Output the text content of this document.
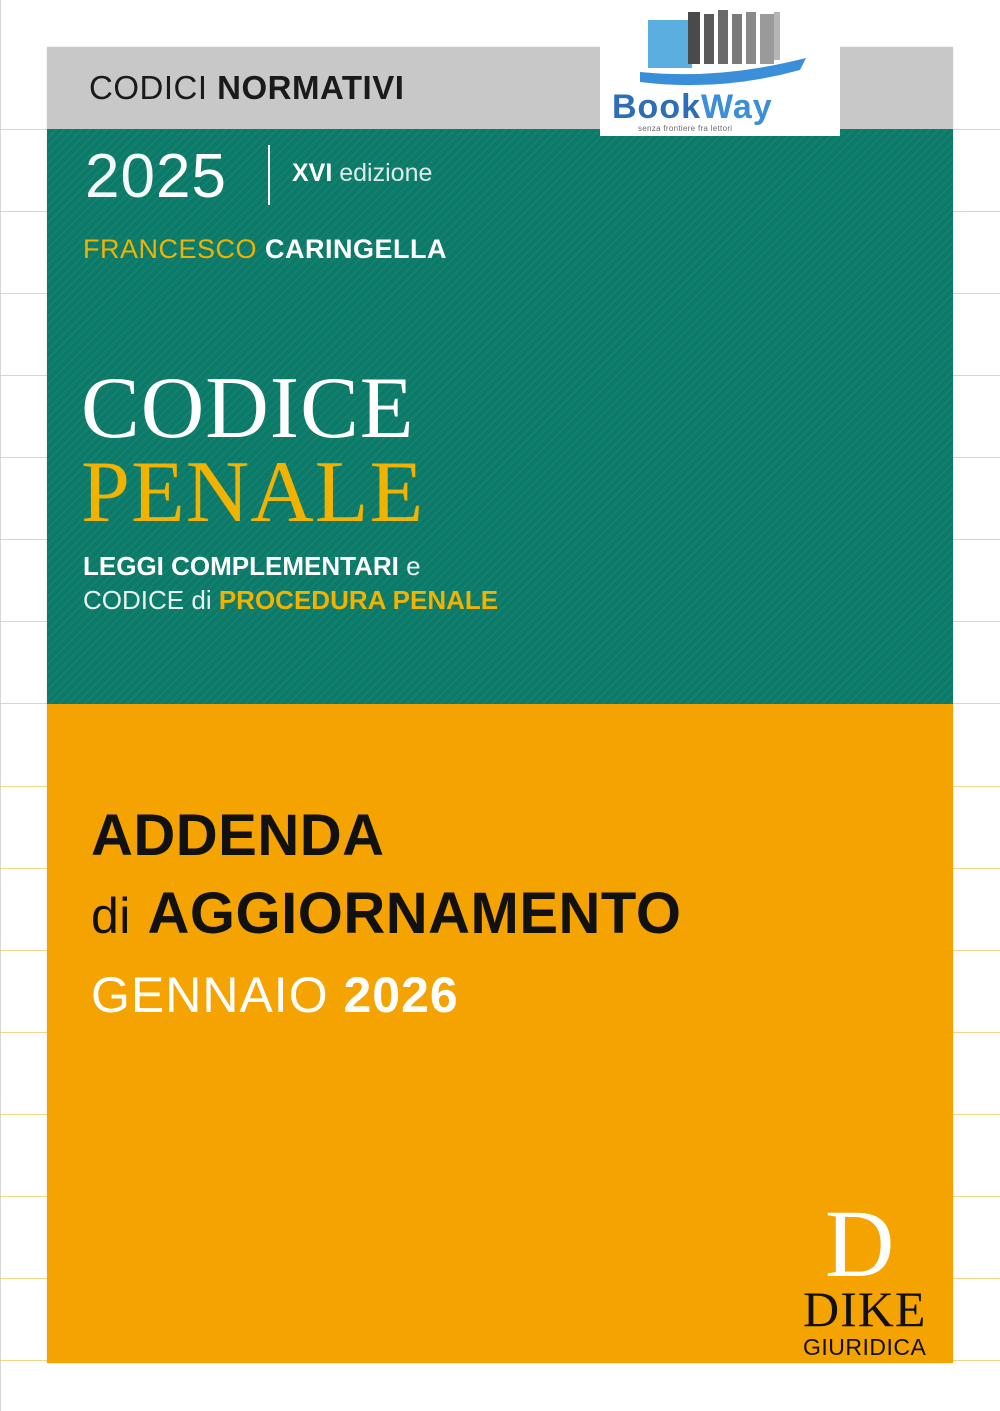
CODICI NORMATIVI
2025	XVI edizione
FRANCESCO CARINGELLA
CODICE
PENALE
LEGGI COMPLEMENTARI e
CODICE di PROCEDURA PENALE
ADDENDA
di AGGIORNAMENTO
GENNAIO 2026
D
DIKE
GIURIDICA
BookWay
senza frontiere fra lettori
